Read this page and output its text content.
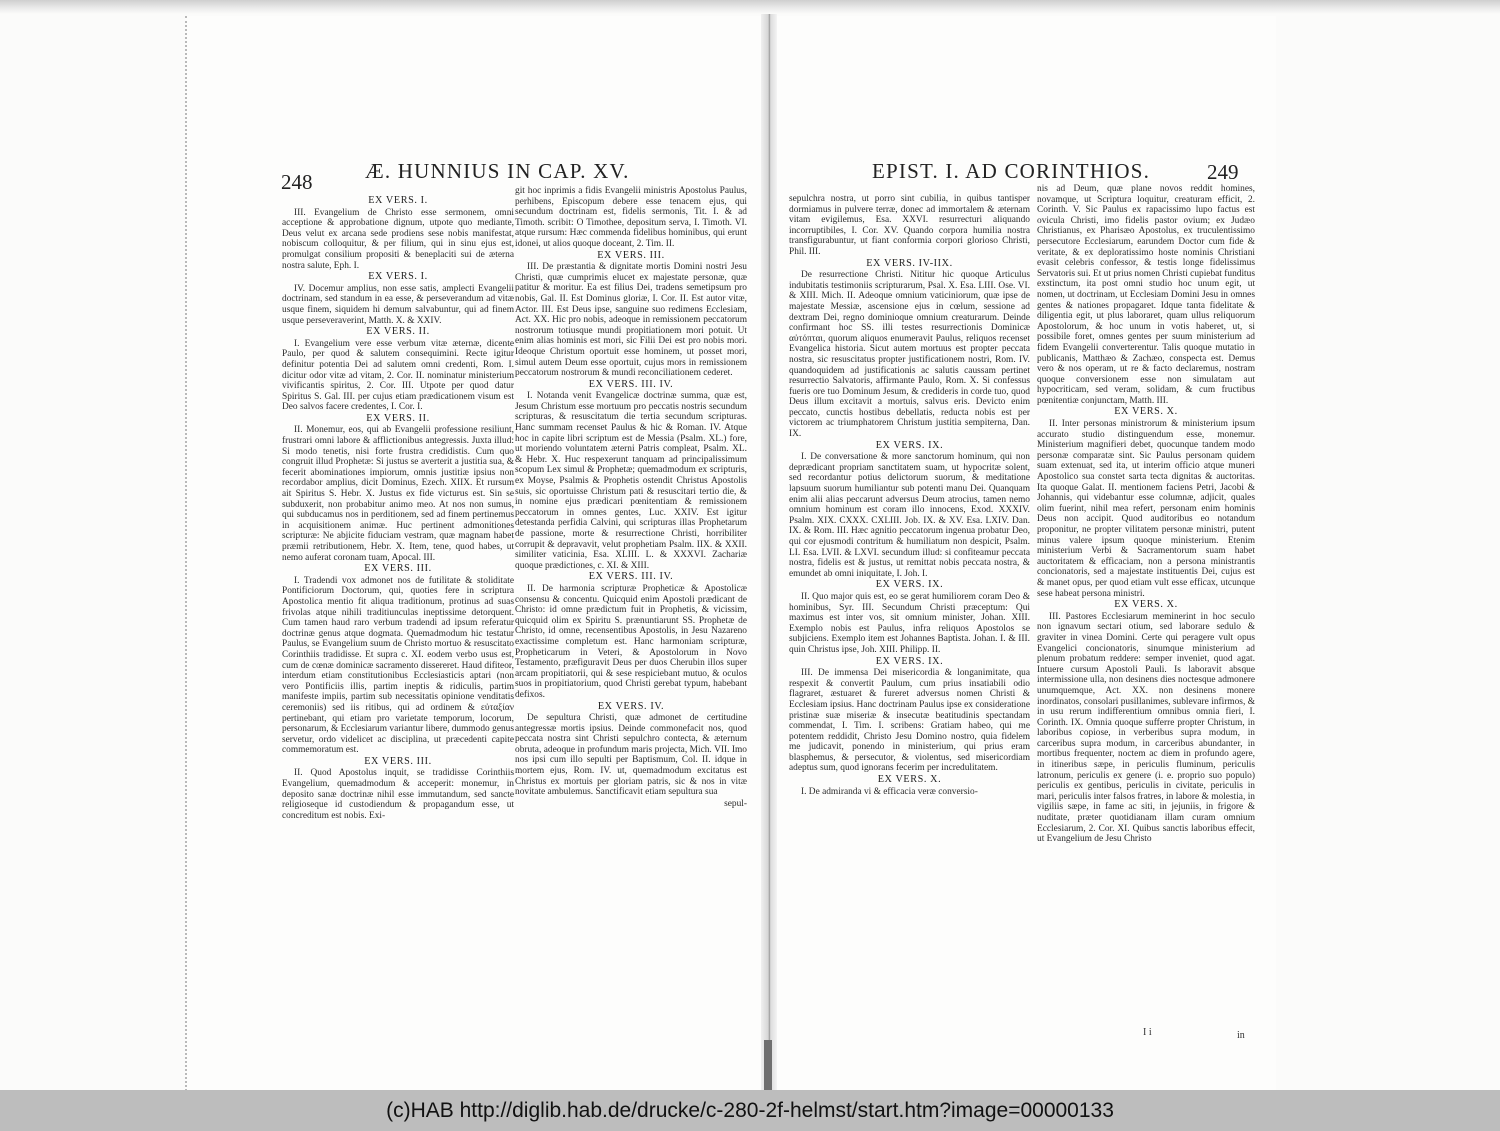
248	Æ. HUNNIUS IN CAP. XV.	EPIST. I. AD CORINTHIOS.	249

EX VERS. I.

III. Evangelium de Christo esse sermonem, omni acceptione & approbatione dignum, utpote quo mediante, Deus velut ex arcana sede prodiens sese nobis manifestat, nobiscum colloquitur, & per filium, qui in sinu ejus est, promulgat consilium propositi & beneplaciti sui de æterna nostra salute, Eph. I.

EX VERS. I.

IV. Docemur amplius, non esse satis, amplecti Evangelii doctrinam, sed standum in ea esse, & perseverandum ad vitæ usque finem, siquidem hi demum salvabuntur, qui ad finem usque perseveraverint, Matth. X. & XXIV.

EX VERS. II.

I. Evangelium vere esse verbum vitæ æternæ, dicente Paulo, per quod & salutem consequimini. Recte igitur definitur potentia Dei ad salutem omni credenti, Rom. I. dicitur odor vitæ ad vitam, 2. Cor. II. nominatur ministerium vivificantis spiritus, 2. Cor. III. Utpote per quod datur Spiritus S. Gal. III. per cujus etiam prædicationem visum est Deo salvos facere credentes, I. Cor. I.

EX VERS. II.

II. Monemur, eos, qui ab Evangelii professione resiliunt, frustrari omni labore & afflictionibus antegressis. Juxta illud: Si modo tenetis, nisi forte frustra credidistis. Cum quo congruit illud Prophetæ: Si justus se averterit a justitia sua, & fecerit abominationes impiorum, omnis justitiæ ipsius non recordabor amplius, dicit Dominus, Ezech. XIIX. Et rursum ait Spiritus S. Hebr. X. Justus ex fide victurus est. Sin se subduxerit, non probabitur animo meo. At nos non sumus, qui subducamus nos in perditionem, sed ad finem pertinemus in acquisitionem animæ. Huc pertinent admonitiones scripturæ: Ne abjicite fiduciam vestram, quæ magnam habet præmii retributionem, Hebr. X. Item, tene, quod habes, ut nemo auferat coronam tuam, Apocal. III.

EX VERS. III.

I. Tradendi vox admonet nos de futilitate & stoliditate Pontificiorum Doctorum, qui, quoties fere in scriptura Apostolica mentio fit aliqua traditionum, protinus ad suas frivolas atque nihili traditiunculas ineptissime detorquent. Cum tamen haud raro verbum tradendi ad ipsum referatur doctrinæ genus atque dogmata. Quemadmodum hic testatur Paulus, se Evangelium suum de Christo mortuo & resuscitato Corinthiis tradidisse. Et supra c. XI. eodem verbo usus est, cum de cœnæ dominicæ sacramento dissereret. Haud difiteor, interdum etiam constitutionibus Ecclesiasticis aptari (non vero Pontificiis illis, partim ineptis & ridiculis, partim manifeste impiis, partim sub necessitatis opinione venditatis ceremoniis) sed iis ritibus, qui ad ordinem & εὐταξίαν pertinebant, qui etiam pro varietate temporum, locorum, personarum, & Ecclesiarum variantur libere, dummodo genus servetur, ordo videlicet ac disciplina, ut præcedenti capite commemoratum est.

EX VERS. III.

II. Quod Apostolus inquit, se tradidisse Corinthiis Evangelium, quemadmodum & acceperit: monemur, in deposito sanæ doctrinæ nihil esse immutandum, sed sancte religioseque id custodiendum & propagandum esse, ut concreditum est nobis. Exi-

git hoc inprimis a fidis Evangelii ministris Apostolus Paulus, perhibens, Episcopum debere esse tenacem ejus, qui secundum doctrinam est, fidelis sermonis, Tit. I. & ad Timoth. scribit: O Timothee, depositum serva, I. Timoth. VI. atque rursum: Hæc commenda fidelibus hominibus, qui erunt idonei, ut alios quoque doceant, 2. Tim. II.

EX VERS. III.

III. De præstantia & dignitate mortis Domini nostri Jesu Christi, quæ cumprimis elucet ex majestate personæ, quæ patitur & moritur. Ea est filius Dei, tradens semetipsum pro nobis, Gal. II. Est Dominus gloriæ, I. Cor. II. Est autor vitæ, Actor. III. Est Deus ipse, sanguine suo redimens Ecclesiam, Act. XX. Hic pro nobis, adeoque in remissionem peccatorum nostrorum totiusque mundi propitiationem mori potuit. Ut enim alias hominis est mori, sic Filii Dei est pro nobis mori. Ideoque Christum oportuit esse hominem, ut posset mori, simul autem Deum esse oportuit, cujus mors in remissionem peccatorum nostrorum & mundi reconciliationem cederet.

EX VERS. III. IV.

I. Notanda venit Evangelicæ doctrinæ summa, quæ est, Jesum Christum esse mortuum pro peccatis nostris secundum scripturas, & resuscitatum die tertia secundum scripturas. Hanc summam recenset Paulus & hic & Roman. IV. Atque hoc in capite libri scriptum est de Messia (Psalm. XL.) fore, ut moriendo voluntatem æterni Patris compleat, Psalm. XL. & Hebr. X. Huc respexerunt tanquam ad principalissimum scopum Lex simul & Prophetæ; quemadmodum ex scripturis, ex Moyse, Psalmis & Prophetis ostendit Christus Apostolis suis, sic oportuisse Christum pati & resuscitari tertio die, & in nomine ejus prædicari pœnitentiam & remissionem peccatorum in omnes gentes, Luc. XXIV. Est igitur detestanda perfidia Calvini, qui scripturas illas Prophetarum de passione, morte & resurrectione Christi, horribiliter corrupit & depravavit, velut prophetiam Psalm. IIX. & XXII. similiter vaticinia, Esa. XLIII. L. & XXXVI. Zachariæ quoque prædictiones, c. XI. & XIII.

EX VERS. III. IV.

II. De harmonia scripturæ Propheticæ & Apostolicæ consensu & concentu. Quicquid enim Apostoli prædicant de Christo: id omne prædictum fuit in Prophetis, & vicissim, quicquid olim ex Spiritu S. prænuntiarunt SS. Prophetæ de Christo, id omne, recensentibus Apostolis, in Jesu Nazareno exactissime completum est. Hanc harmoniam scripturæ, Propheticarum in Veteri, & Apostolorum in Novo Testamento, præfiguravit Deus per duos Cherubin illos super arcam propitiatorii, qui & sese respiciebant mutuo, & oculos suos in propitiatorium, quod Christi gerebat typum, habebant defixos.

EX VERS. IV.

De sepultura Christi, quæ admonet de certitudine antegressæ mortis ipsius. Deinde commonefacit nos, quod peccata nostra sint Christi sepulchro contecta, & æternum obruta, adeoque in profundum maris projecta, Mich. VII. Imo nos ipsi cum illo sepulti per Baptismum, Col. II. idque in mortem ejus, Rom. IV. ut, quemadmodum excitatus est Christus ex mortuis per gloriam patris, sic & nos in vitæ novitate ambulemus. Sanctificavit etiam sepultura sua

sepul-

sepulchra nostra, ut porro sint cubilia, in quibus tantisper dormiamus in pulvere terræ, donec ad immortalem & æternam vitam evigilemus, Esa. XXVI. resurrecturi aliquando incorruptibiles, I. Cor. XV. Quando corpora humilia nostra transfigurabuntur, ut fiant conformia corpori glorioso Christi, Phil. III.

EX VERS. IV-IIX.

De resurrectione Christi. Nititur hic quoque Articulus indubitatis testimoniis scripturarum, Psal. X. Esa. LIII. Ose. VI. & XIII. Mich. II. Adeoque omnium vaticiniorum, quæ ipse de majestate Messiæ, ascensione ejus in cœlum, sessione ad dextram Dei, regno dominioque omnium creaturarum. Deinde confirmant hoc SS. illi testes resurrectionis Dominicæ αὐτόπται, quorum aliquos enumeravit Paulus, reliquos recenset Evangelica historia. Sicut autem mortuus est propter peccata nostra, sic resuscitatus propter justificationem nostri, Rom. IV. quandoquidem ad justificationis ac salutis caussam pertinet resurrectio Salvatoris, affirmante Paulo, Rom. X. Si confessus fueris ore tuo Dominum Jesum, & credideris in corde tuo, quod Deus illum excitavit a mortuis, salvus eris. Devicto enim peccato, cunctis hostibus debellatis, reducta nobis est per victorem ac triumphatorem Christum justitia sempiterna, Dan. IX.

EX VERS. IX.

I. De conversatione & more sanctorum hominum, qui non deprædicant propriam sanctitatem suam, ut hypocritæ solent, sed recordantur potius delictorum suorum, & meditatione lapsuum suorum humiliantur sub potenti manu Dei. Quanquam enim alii alias peccarunt adversus Deum atrocius, tamen nemo omnium hominum est coram illo innocens, Exod. XXXIV. Psalm. XIX. CXXX. CXLIII. Job. IX. & XV. Esa. LXIV. Dan. IX. & Rom. III. Hæc agnitio peccatorum ingenua probatur Deo, qui cor ejusmodi contritum & humiliatum non despicit, Psalm. LI. Esa. LVII. & LXVI. secundum illud: si confiteamur peccata nostra, fidelis est & justus, ut remittat nobis peccata nostra, & emundet ab omni iniquitate, I. Joh. I.

EX VERS. IX.

II. Quo major quis est, eo se gerat humiliorem coram Deo & hominibus, Syr. III. Secundum Christi præceptum: Qui maximus est inter vos, sit omnium minister, Johan. XIII. Exemplo nobis est Paulus, infra reliquos Apostolos se subjiciens. Exemplo item est Johannes Baptista. Johan. I. & III. quin Christus ipse, Joh. XIII. Philipp. II.

EX VERS. IX.

III. De immensa Dei misericordia & longanimitate, qua respexit & convertit Paulum, cum prius insatiabili odio flagraret, æstuaret & fureret adversus nomen Christi & Ecclesiam ipsius. Hanc doctrinam Paulus ipse ex consideratione pristinæ suæ miseriæ & insecutæ beatitudinis spectandam commendat, I. Tim. I. scribens: Gratiam habeo, qui me potentem reddidit, Christo Jesu Domino nostro, quia fidelem me judicavit, ponendo in ministerium, qui prius eram blasphemus, & persecutor, & violentus, sed misericordiam adeptus sum, quod ignorans fecerim per incredulitatem.

EX VERS. X.

I. De admiranda vi & efficacia veræ conversio-

nis ad Deum, quæ plane novos reddit homines, novamque, ut Scriptura loquitur, creaturam efficit, 2. Corinth. V. Sic Paulus ex rapacissimo lupo factus est ovicula Christi, imo fidelis pastor ovium; ex Judæo Christianus, ex Pharisæo Apostolus, ex truculentissimo persecutore Ecclesiarum, earundem Doctor cum fide & veritate, & ex deploratissimo hoste nominis Christiani evasit celebris confessor, & testis longe fidelissimus Servatoris sui. Et ut prius nomen Christi cupiebat funditus exstinctum, ita post omni studio hoc unum egit, ut nomen, ut doctrinam, ut Ecclesiam Domini Jesu in omnes gentes & nationes propagaret. Idque tanta fidelitate & diligentia egit, ut plus laboraret, quam ullus reliquorum Apostolorum, & hoc unum in votis haberet, ut, si possibile foret, omnes gentes per suum ministerium ad fidem Evangelii converterentur. Talis quoque mutatio in publicanis, Matthæo & Zachæo, conspecta est. Demus vero & nos operam, ut re & facto declaremus, nostram quoque conversionem esse non simulatam aut hypocriticam, sed veram, solidam, & cum fructibus pœnitentiæ conjunctam, Matth. III.

EX VERS. X.

II. Inter personas ministrorum & ministerium ipsum accurato studio distinguendum esse, monemur. Ministerium magnifieri debet, quocunque tandem modo personæ comparatæ sint. Sic Paulus personam quidem suam extenuat, sed ita, ut interim officio atque muneri Apostolico sua constet sarta tecta dignitas & auctoritas. Ita quoque Galat. II. mentionem faciens Petri, Jacobi & Johannis, qui videbantur esse columnæ, adjicit, quales olim fuerint, nihil mea refert, personam enim hominis Deus non accipit. Quod auditoribus eo notandum proponitur, ne propter vilitatem personæ ministri, putent minus valere ipsum quoque ministerium. Etenim ministerium Verbi & Sacramentorum suam habet auctoritatem & efficaciam, non a persona ministrantis concionatoris, sed a majestate instituentis Dei, cujus est & manet opus, per quod etiam vult esse efficax, utcunque sese habeat persona ministri.

EX VERS. X.

III. Pastores Ecclesiarum meminerint in hoc seculo non ignavum sectari otium, sed laborare sedulo & graviter in vinea Domini. Certe qui peragere vult opus Evangelici concionatoris, sinumque ministerium ad plenum probatum reddere: semper inveniet, quod agat. Intuere cursum Apostoli Pauli. Is laboravit absque intermissione ulla, non desinens dies noctesque admonere unumquemque, Act. XX. non desinens monere inordinatos, consolari pusillanimes, sublevare infirmos, & in usu rerum indifferentium omnibus omnia fieri, I. Corinth. IX. Omnia quoque sufferre propter Christum, in laboribus copiose, in verberibus supra modum, in carceribus supra modum, in carceribus abundanter, in mortibus frequenter, noctem ac diem in profundo agere, in itineribus sæpe, in periculis fluminum, periculis latronum, periculis ex genere (i. e. proprio suo populo) periculis ex gentibus, periculis in civitate, periculis in mari, periculis inter falsos fratres, in labore & molestia, in vigiliis sæpe, in fame ac siti, in jejuniis, in frigore & nuditate, præter quotidianam illam curam omnium Ecclesiarum, 2. Cor. XI. Quibus sanctis laboribus effecit, ut Evangelium de Jesu Christo

I i	in
(c)HAB http://diglib.hab.de/drucke/c-280-2f-helmst/start.htm?image=00000133
